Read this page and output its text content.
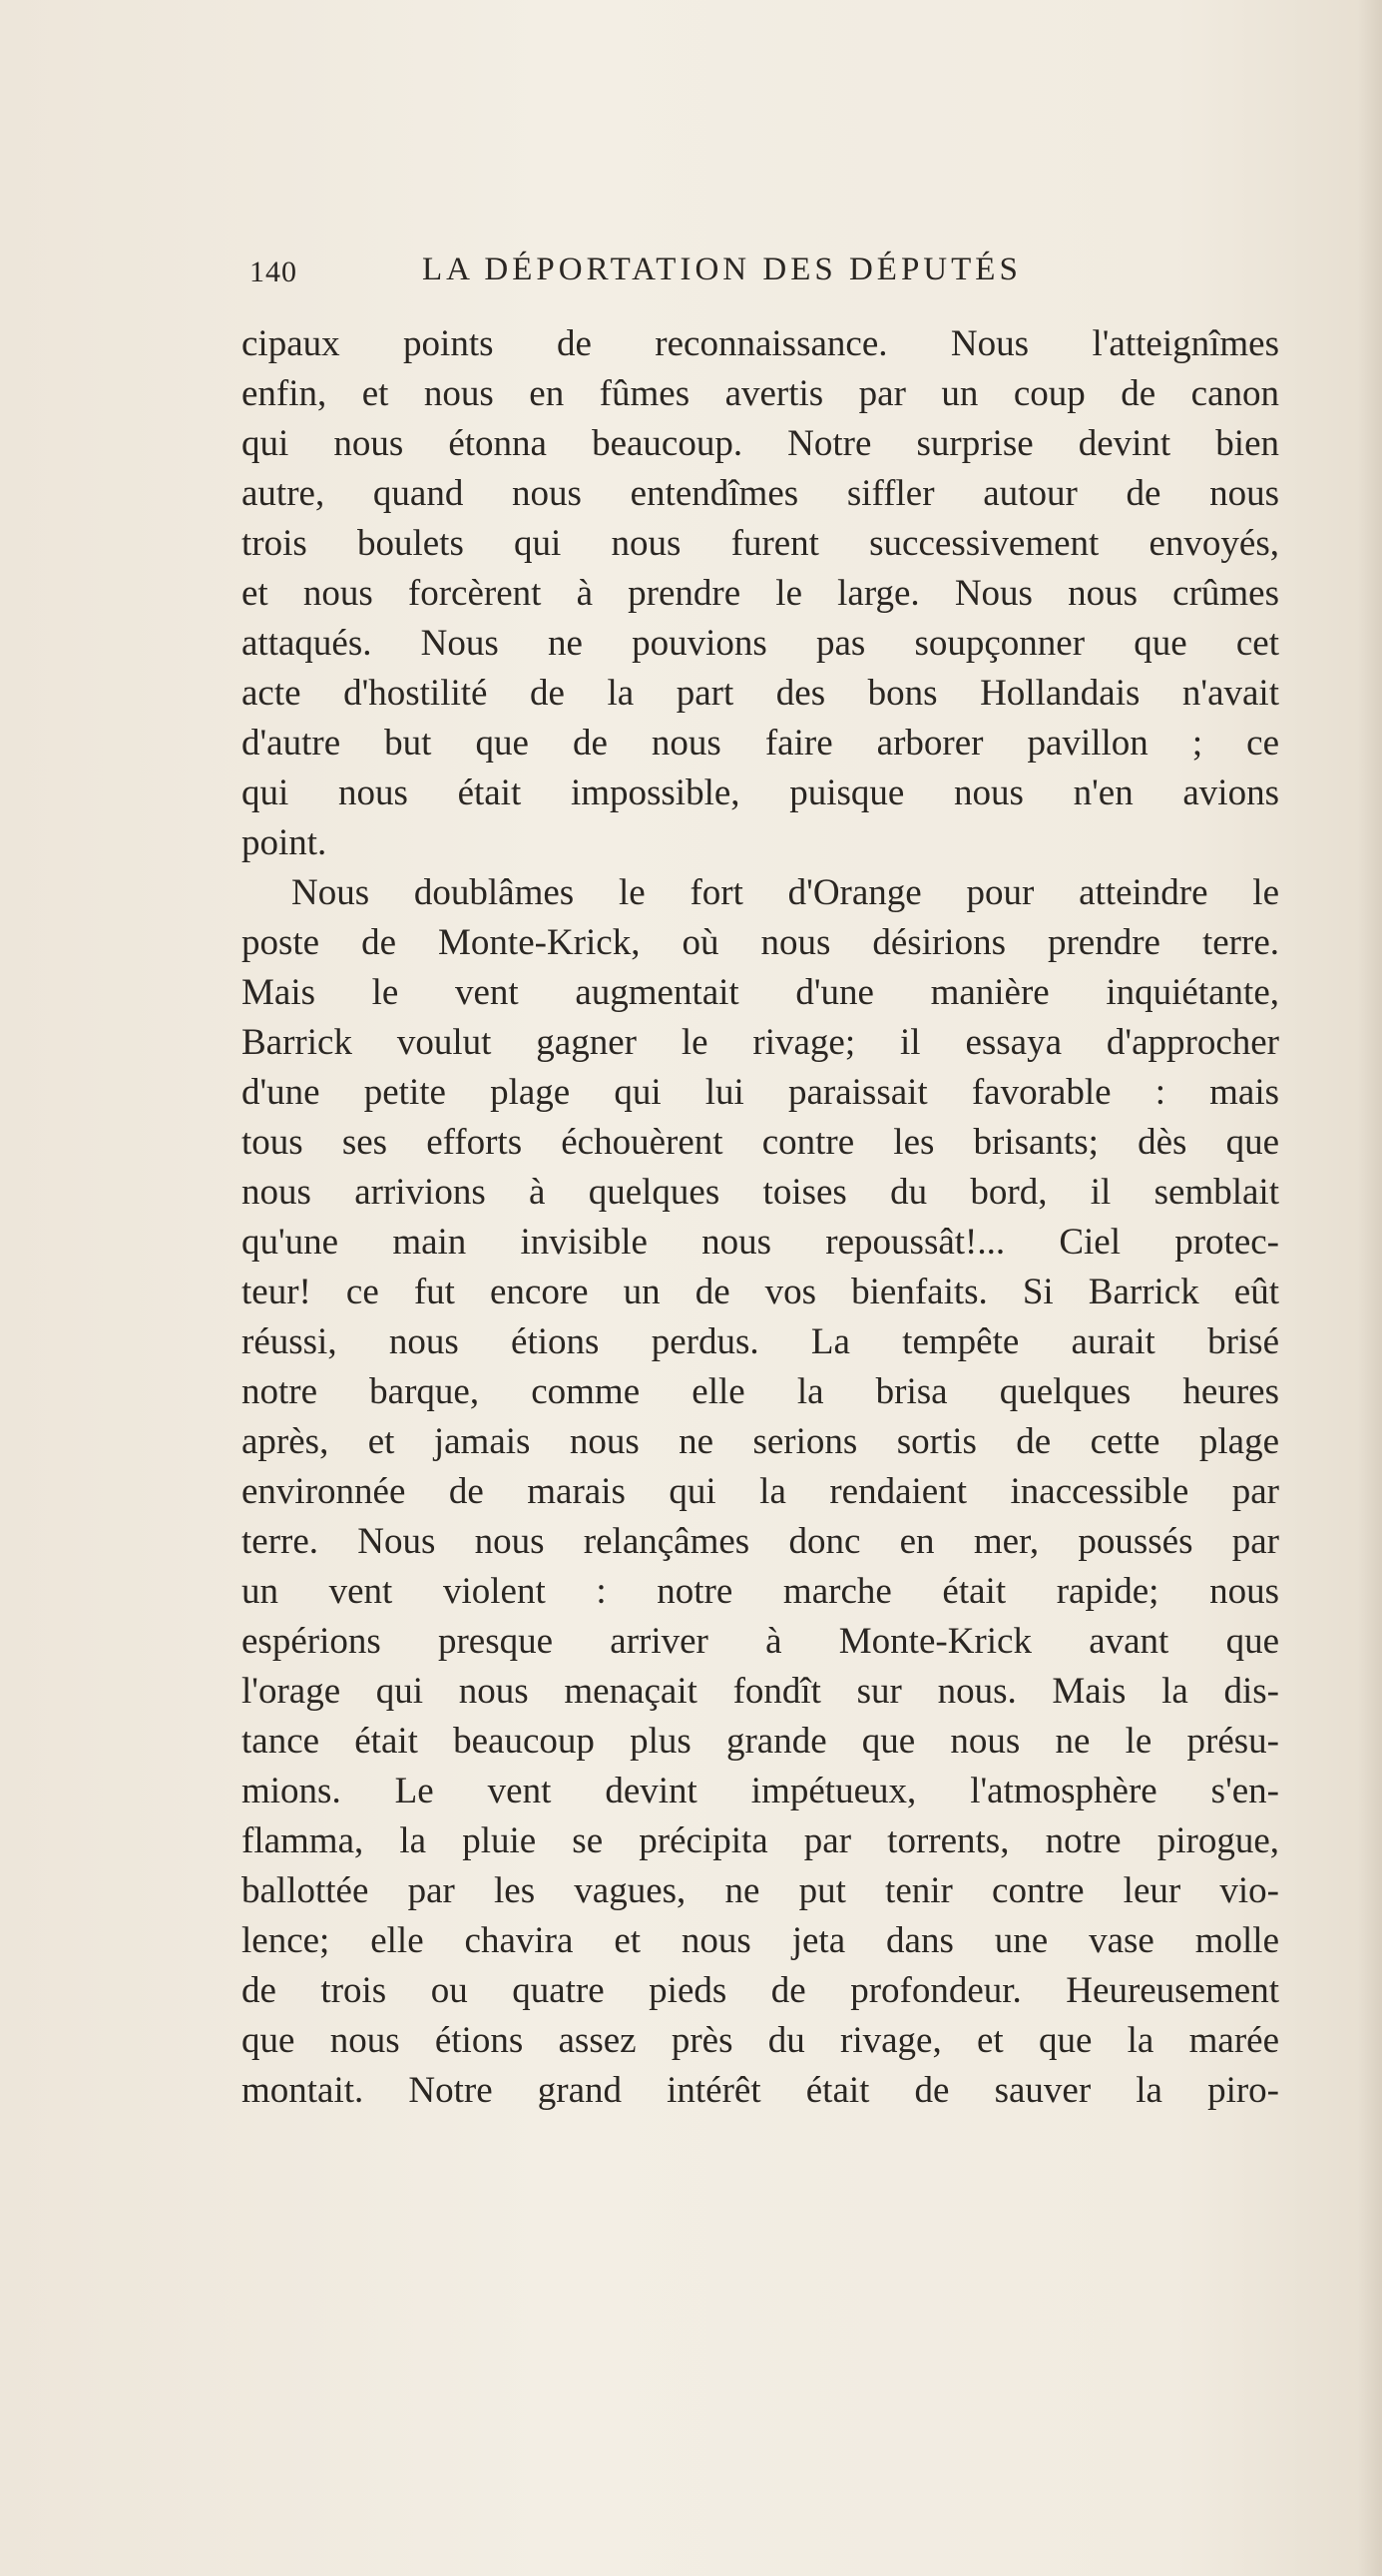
140	LA DÉPORTATION DES DÉPUTÉS
cipaux points de reconnaissance. Nous l'atteignîmes
enfin, et nous en fûmes avertis par un coup de canon
qui nous étonna beaucoup. Notre surprise devint bien
autre, quand nous entendîmes siffler autour de nous
trois boulets qui nous furent successivement envoyés,
et nous forcèrent à prendre le large. Nous nous crûmes
attaqués. Nous ne pouvions pas soupçonner que cet
acte d'hostilité de la part des bons Hollandais n'avait
d'autre but que de nous faire arborer pavillon ; ce
qui nous était impossible, puisque nous n'en avions
point.
Nous doublâmes le fort d'Orange pour atteindre le
poste de Monte-Krick, où nous désirions prendre terre.
Mais le vent augmentait d'une manière inquiétante,
Barrick voulut gagner le rivage; il essaya d'approcher
d'une petite plage qui lui paraissait favorable : mais
tous ses efforts échouèrent contre les brisants; dès que
nous arrivions à quelques toises du bord, il semblait
qu'une main invisible nous repoussât!... Ciel protec-
teur! ce fut encore un de vos bienfaits. Si Barrick eût
réussi, nous étions perdus. La tempête aurait brisé
notre barque, comme elle la brisa quelques heures
après, et jamais nous ne serions sortis de cette plage
environnée de marais qui la rendaient inaccessible par
terre. Nous nous relançâmes donc en mer, poussés par
un vent violent : notre marche était rapide; nous
espérions presque arriver à Monte-Krick avant que
l'orage qui nous menaçait fondît sur nous. Mais la dis-
tance était beaucoup plus grande que nous ne le présu-
mions. Le vent devint impétueux, l'atmosphère s'en-
flamma, la pluie se précipita par torrents, notre pirogue,
ballottée par les vagues, ne put tenir contre leur vio-
lence; elle chavira et nous jeta dans une vase molle
de trois ou quatre pieds de profondeur. Heureusement
que nous étions assez près du rivage, et que la marée
montait. Notre grand intérêt était de sauver la piro-
